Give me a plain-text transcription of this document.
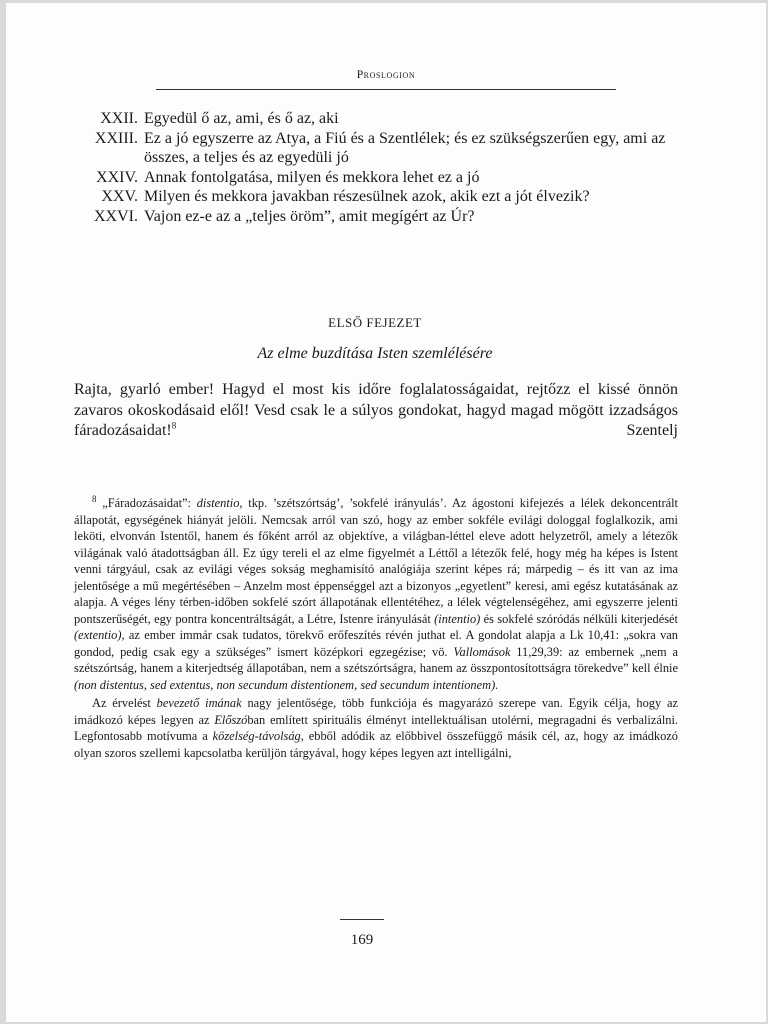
Proslogion
XXII. Egyedül ő az, ami, és ő az, aki
XXIII. Ez a jó egyszerre az Atya, a Fiú és a Szentlélek; és ez szükségszerűen egy, ami az összes, a teljes és az egyedüli jó
XXIV. Annak fontolgatása, milyen és mekkora lehet ez a jó
XXV. Milyen és mekkora javakban részesülnek azok, akik ezt a jót élvezik?
XXVI. Vajon ez-e az a „teljes öröm”, amit megígért az Úr?
ELSŐ FEJEZET
Az elme buzdítása Isten szemlélésére
Rajta, gyarló ember! Hagyd el most kis időre foglalatosságaidat, rejtőzz el kissé önnön zavaros okoskodásaid elől! Vesd csak le a súlyos gondokat, hagyd magad mögött izzadságos fáradozásaidat!$^8$ Szentelj

$^8$ „Fáradozásaidat”: distentio, tkp. ’szétszórtság’, ’sokfelé irányulás’. Az ágostoni kifejezés a lélek dekoncentrált állapotát, egységének hiányát jelöli. Nemcsak arról van szó, hogy az ember sokféle evilági dologgal foglalkozik, ami leköti, elvonván Istentől, hanem és főként arról az objektíve, a világban-léttel eleve adott helyzetről, amely a létezők világának való átadottságban áll. Ez úgy tereli el az elme figyelmét a Léttől a létezők felé, hogy még ha képes is Istent venni tárgyául, csak az evilági véges sokság meghamisító analógiája szerint képes rá; márpedig – és itt van az ima jelentősége a mű megértésében – Anzelm most éppenséggel azt a bizonyos „egyetlent” keresi, ami egész kutatásának az alapja. A véges lény térben-időben sokfelé szórt állapotának ellentétéhez, a lélek végtelenségéhez, ami egyszerre jelenti pontszerűségét, egy pontra koncentráltságát, a Létre, Istenre irányulását (intentio) és sokfelé szóródás nélküli kiterjedését (extentio), az ember immár csak tudatos, törekvő erőfeszítés révén juthat el. A gondolat alapja a Lk 10,41: „sokra van gondod, pedig csak egy a szükséges” ismert középkori egzegézise; vö. Vallomások 11,29,39: az embernek „nem a szétszórtság, hanem a kiterjedtség állapotában, nem a szétszórtságra, hanem az összpontosítottságra törekedve” kell élnie (non distentus, sed extentus, non secundum distentionem, sed secundum intentionem).

Az érvelést bevezető imának nagy jelentősége, több funkciója és magyarázó szerepe van. Egyik célja, hogy az imádkozó képes legyen az Előszóban említett spirituális élményt intellektuálisan utolérni, megragadni és verbalizálni. Legfontosabb motívuma a közelség-távolság, ebből adódik az előbbivel összefüggő másik cél, az, hogy az imádkozó olyan szoros szellemi kapcsolatba kerüljön tárgyával, hogy képes legyen azt intelligálni,

169
